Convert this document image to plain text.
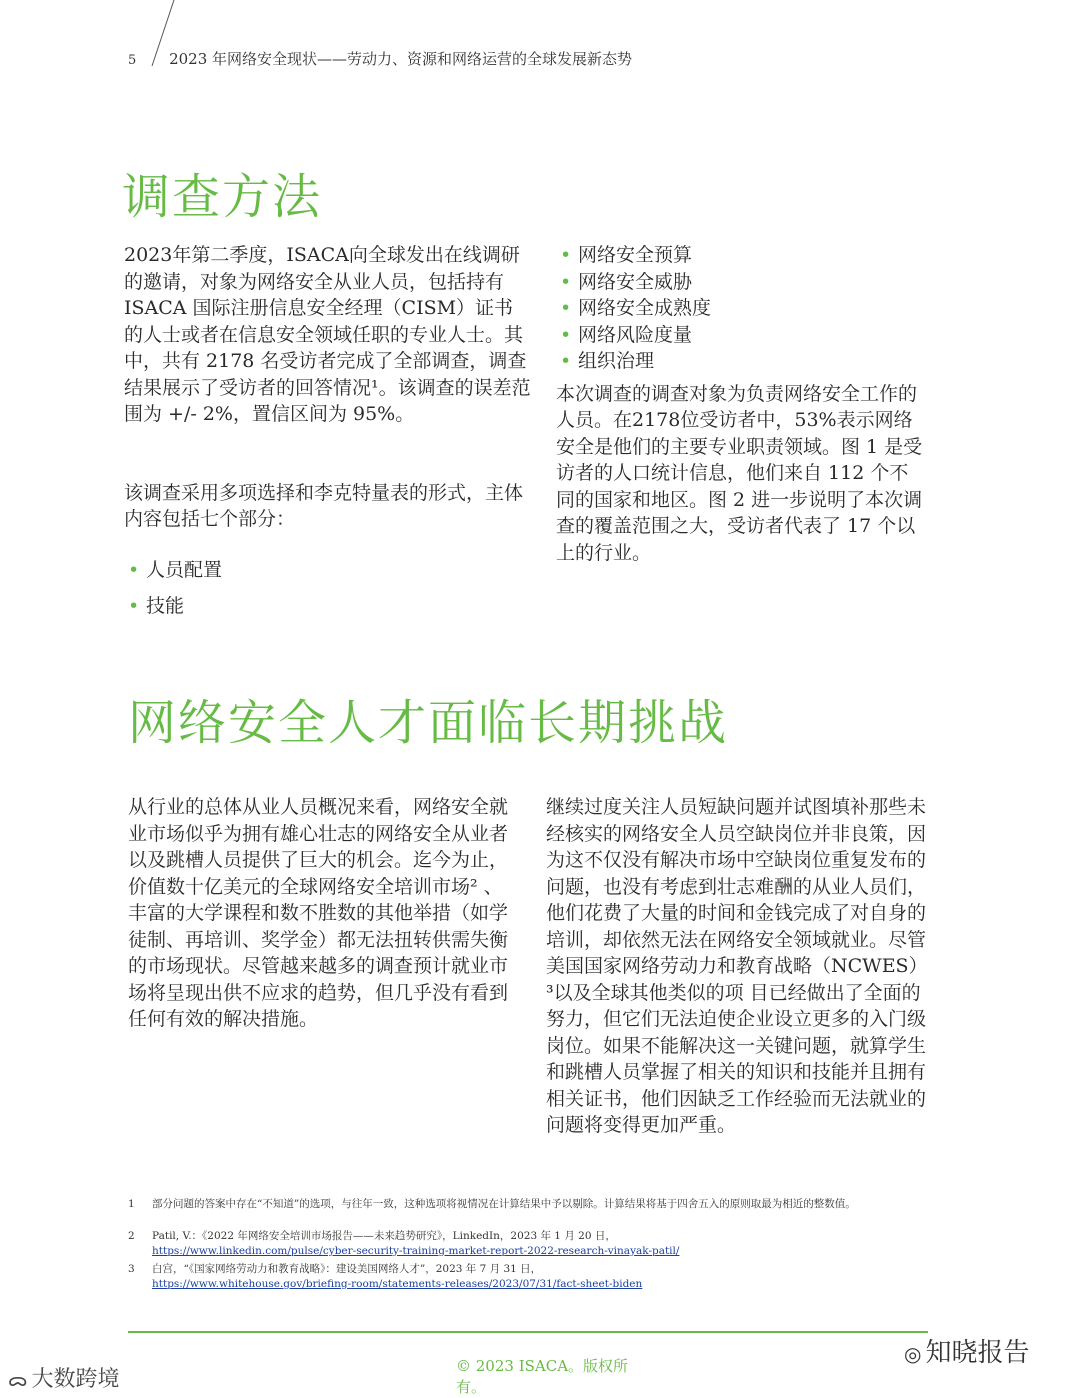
5 2023 年网络安全现状——劳动力、资源和网络运营的全球发展新态势
调查方法

2023年第二季度，ISACA向全球发出在线调研的邀请，对象为网络安全从业人员，包括持有 ISACA 国际注册信息安全经理（CISM）证书的人士或者在信息安全领域任职的专业人士。其中，共有 2178 名受访者完成了全部调查，调查结果展示了受访者的回答情况¹。该调查的误差范围为 +/- 2%，置信区间为 95%。

该调查采用多项选择和李克特量表的形式，主体内容包括七个部分：

• 人员配置
• 技能
• 网络安全预算
• 网络安全威胁
• 网络安全成熟度
• 网络风险度量
• 组织治理

本次调查的调查对象为负责网络安全工作的人员。在2178位受访者中，53%表示网络安全是他们的主要专业职责领域。图 1 是受访者的人口统计信息，他们来自 112 个不同的国家和地区。图 2 进一步说明了本次调查的覆盖范围之大，受访者代表了 17 个以上的行业。

网络安全人才面临长期挑战

从行业的总体从业人员概况来看，网络安全就业市场似乎为拥有雄心壮志的网络安全从业者以及跳槽人员提供了巨大的机会。迄今为止，价值数十亿美元的全球网络安全培训市场² 、丰富的大学课程和数不胜数的其他举措（如学徒制、再培训、奖学金）都无法扭转供需失衡的市场现状。尽管越来越多的调查预计就业市场将呈现出供不应求的趋势，但几乎没有看到任何有效的解决措施。

继续过度关注人员短缺问题并试图填补那些未经核实的网络安全人员空缺岗位并非良策，因为这不仅没有解决市场中空缺岗位重复发布的问题，也没有考虑到壮志难酬的从业人员们，他们花费了大量的时间和金钱完成了对自身的培训，却依然无法在网络安全领域就业。尽管美国国家网络劳动力和教育战略（NCWES）³以及全球其他类似的项 目已经做出了全面的努力，但它们无法迫使企业设立更多的入门级岗位。如果不能解决这一关键问题，就算学生和跳槽人员掌握了相关的知识和技能并且拥有相关证书，他们因缺乏工作经验而无法就业的问题将变得更加严重。

1 部分问题的答案中存在“不知道”的选项，与往年一致，这种选项将视情况在计算结果中予以剔除。计算结果将基于四舍五入的原则取最为相近的整数值。
2 Patil, V.：《2022 年网络安全培训市场报告——未来趋势研究》，LinkedIn，2023 年 1 月 20 日，
https://www.linkedin.com/pulse/cyber-security-training-market-report-2022-research-vinayak-patil/
3 白宫，“《国家网络劳动力和教育战略》：建设美国网络人才”，2023 年 7 月 31 日，
https://www.whitehouse.gov/briefing-room/statements-releases/2023/07/31/fact-sheet-biden
© 2023 ISACA。版权所有。
ᯅ 大数跨境
◎ 知晓报告
